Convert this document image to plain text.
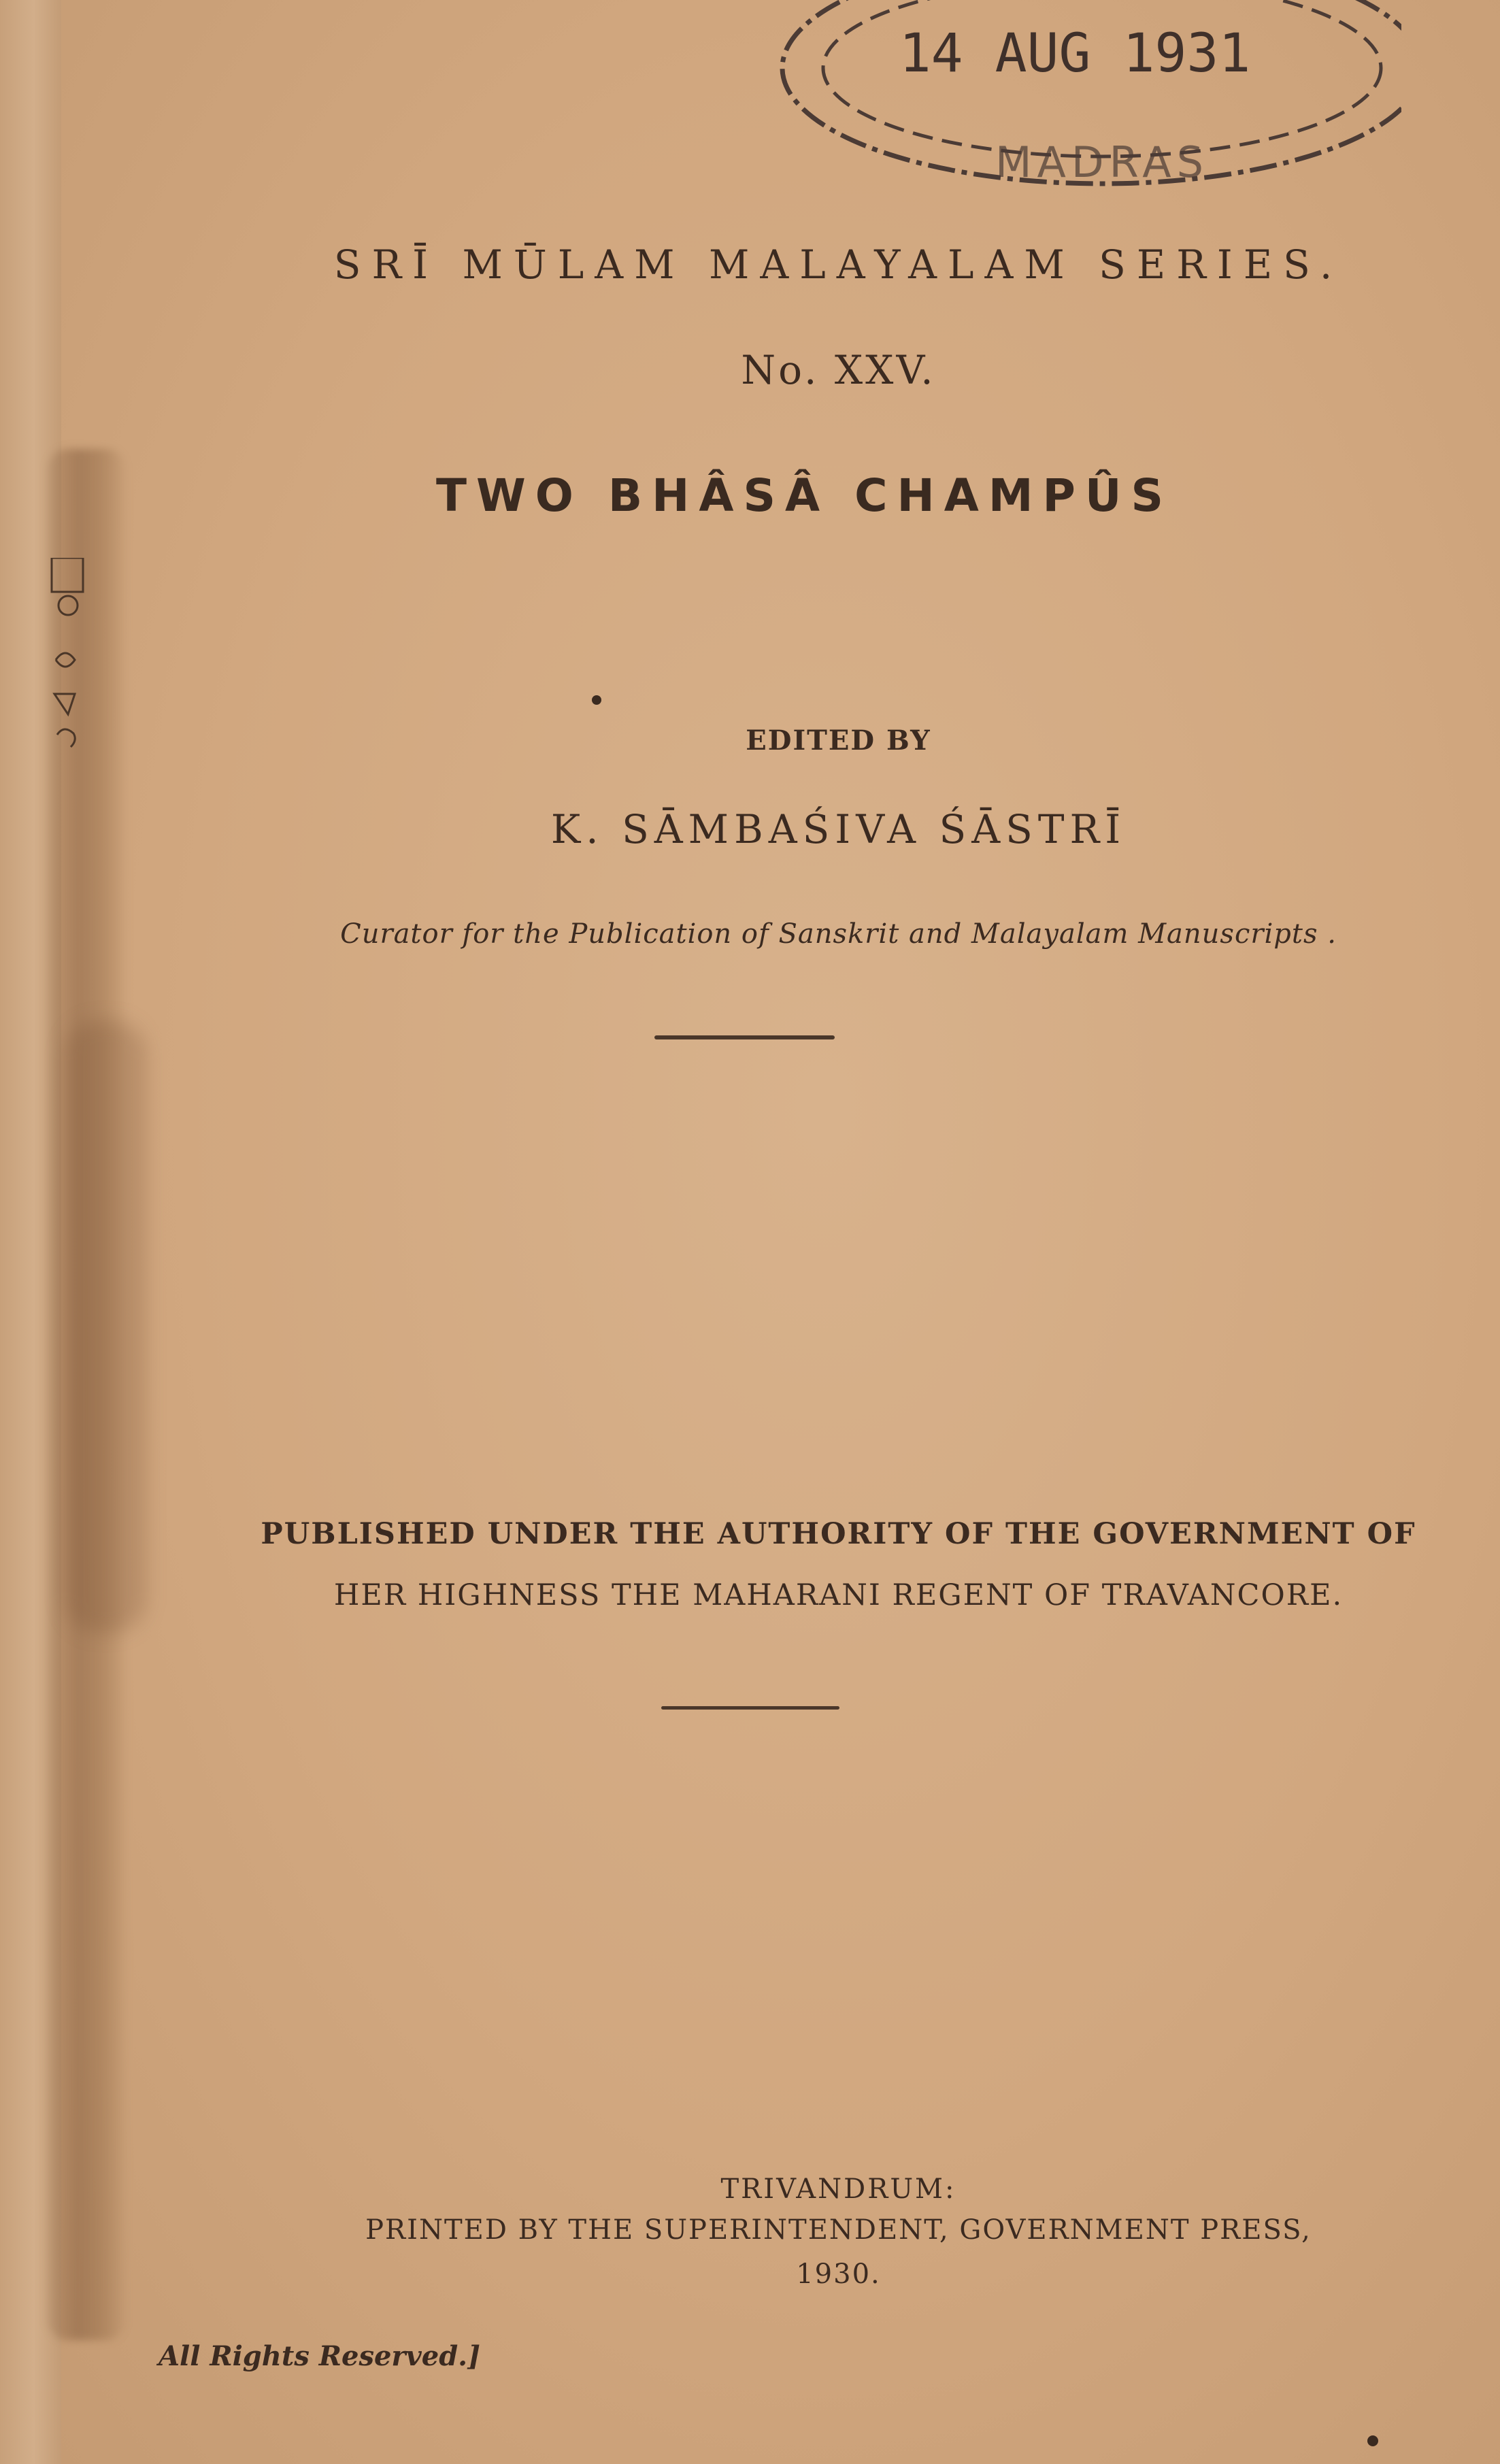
14 AUG 1931
MADRAS
SRĪ MŪLAM MALAYALAM SERIES.
No. XXV.
TWO BHÂSÂ CHAMPÛS
EDITED BY
K. SĀMBAŚIVA ŚĀSTRĪ
Curator for the Publication of Sanskrit and Malayalam Manuscripts .
PUBLISHED UNDER THE AUTHORITY OF THE GOVERNMENT OF
HER HIGHNESS THE MAHARANI REGENT OF TRAVANCORE.
TRIVANDRUM:
PRINTED BY THE SUPERINTENDENT, GOVERNMENT PRESS,
1930.
All Rights Reserved.]
